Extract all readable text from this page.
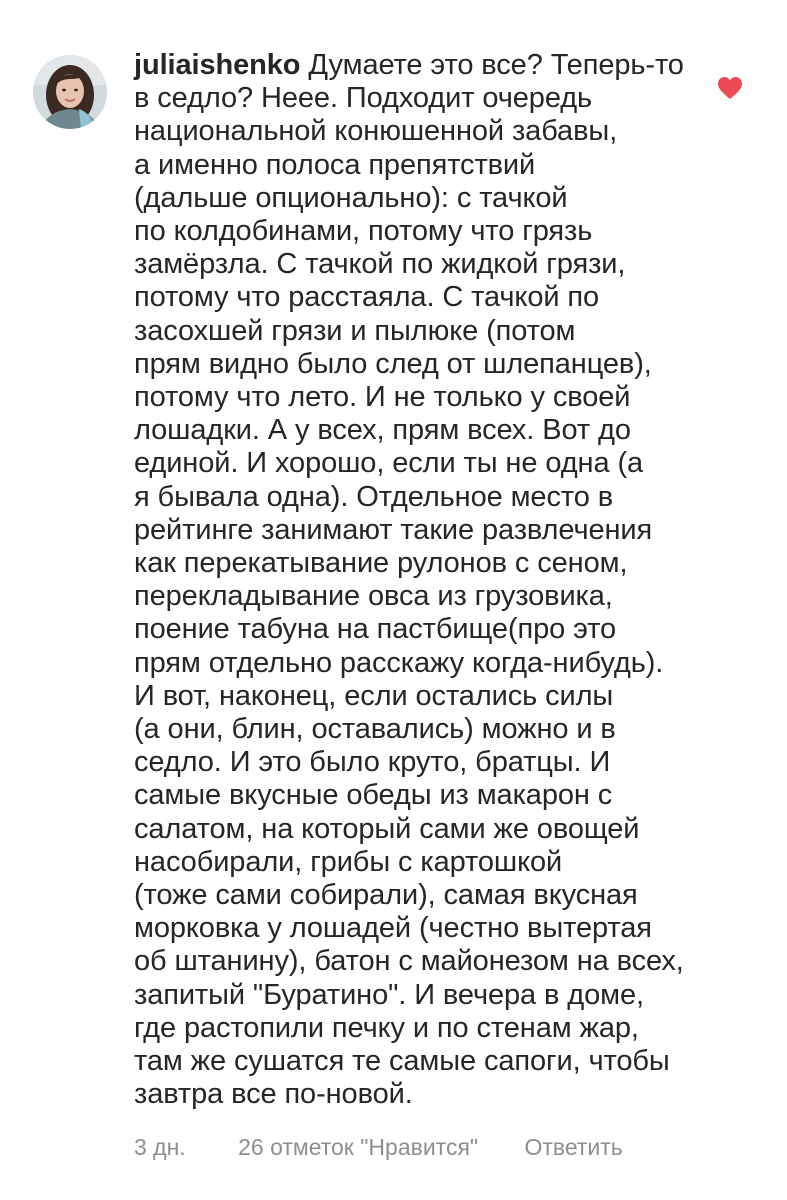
juliaishenko Думаете это все? Теперь-то
в седло? Неее. Подходит очередь
национальной конюшенной забавы,
а именно полоса препятствий
(дальше опционально): с тачкой
по колдобинами, потому что грязь
замёрзла. С тачкой по жидкой грязи,
потому что расстаяла. С тачкой по
засохшей грязи и пылюке (потом
прям видно было след от шлепанцев),
потому что лето. И не только у своей
лошадки. А у всех, прям всех. Вот до
единой. И хорошо, если ты не одна (а
я бывала одна). Отдельное место в
рейтинге занимают такие развлечения
как перекатывание рулонов с сеном,
перекладывание овса из грузовика,
поение табуна на пастбище(про это
прям отдельно расскажу когда-нибудь).
И вот, наконец, если остались силы
(а они, блин, оставались) можно и в
седло. И это было круто, братцы. И
самые вкусные обеды из макарон с
салатом, на который сами же овощей
насобирали, грибы с картошкой
(тоже сами собирали), самая вкусная
морковка у лошадей (честно вытертая
об штанину), батон с майонезом на всех,
запитый "Буратино". И вечера в доме,
где растопили печку и по стенам жар,
там же сушатся те самые сапоги, чтобы
завтра все по-новой.
3 дн. 26 отметок "Нравится" Ответить
